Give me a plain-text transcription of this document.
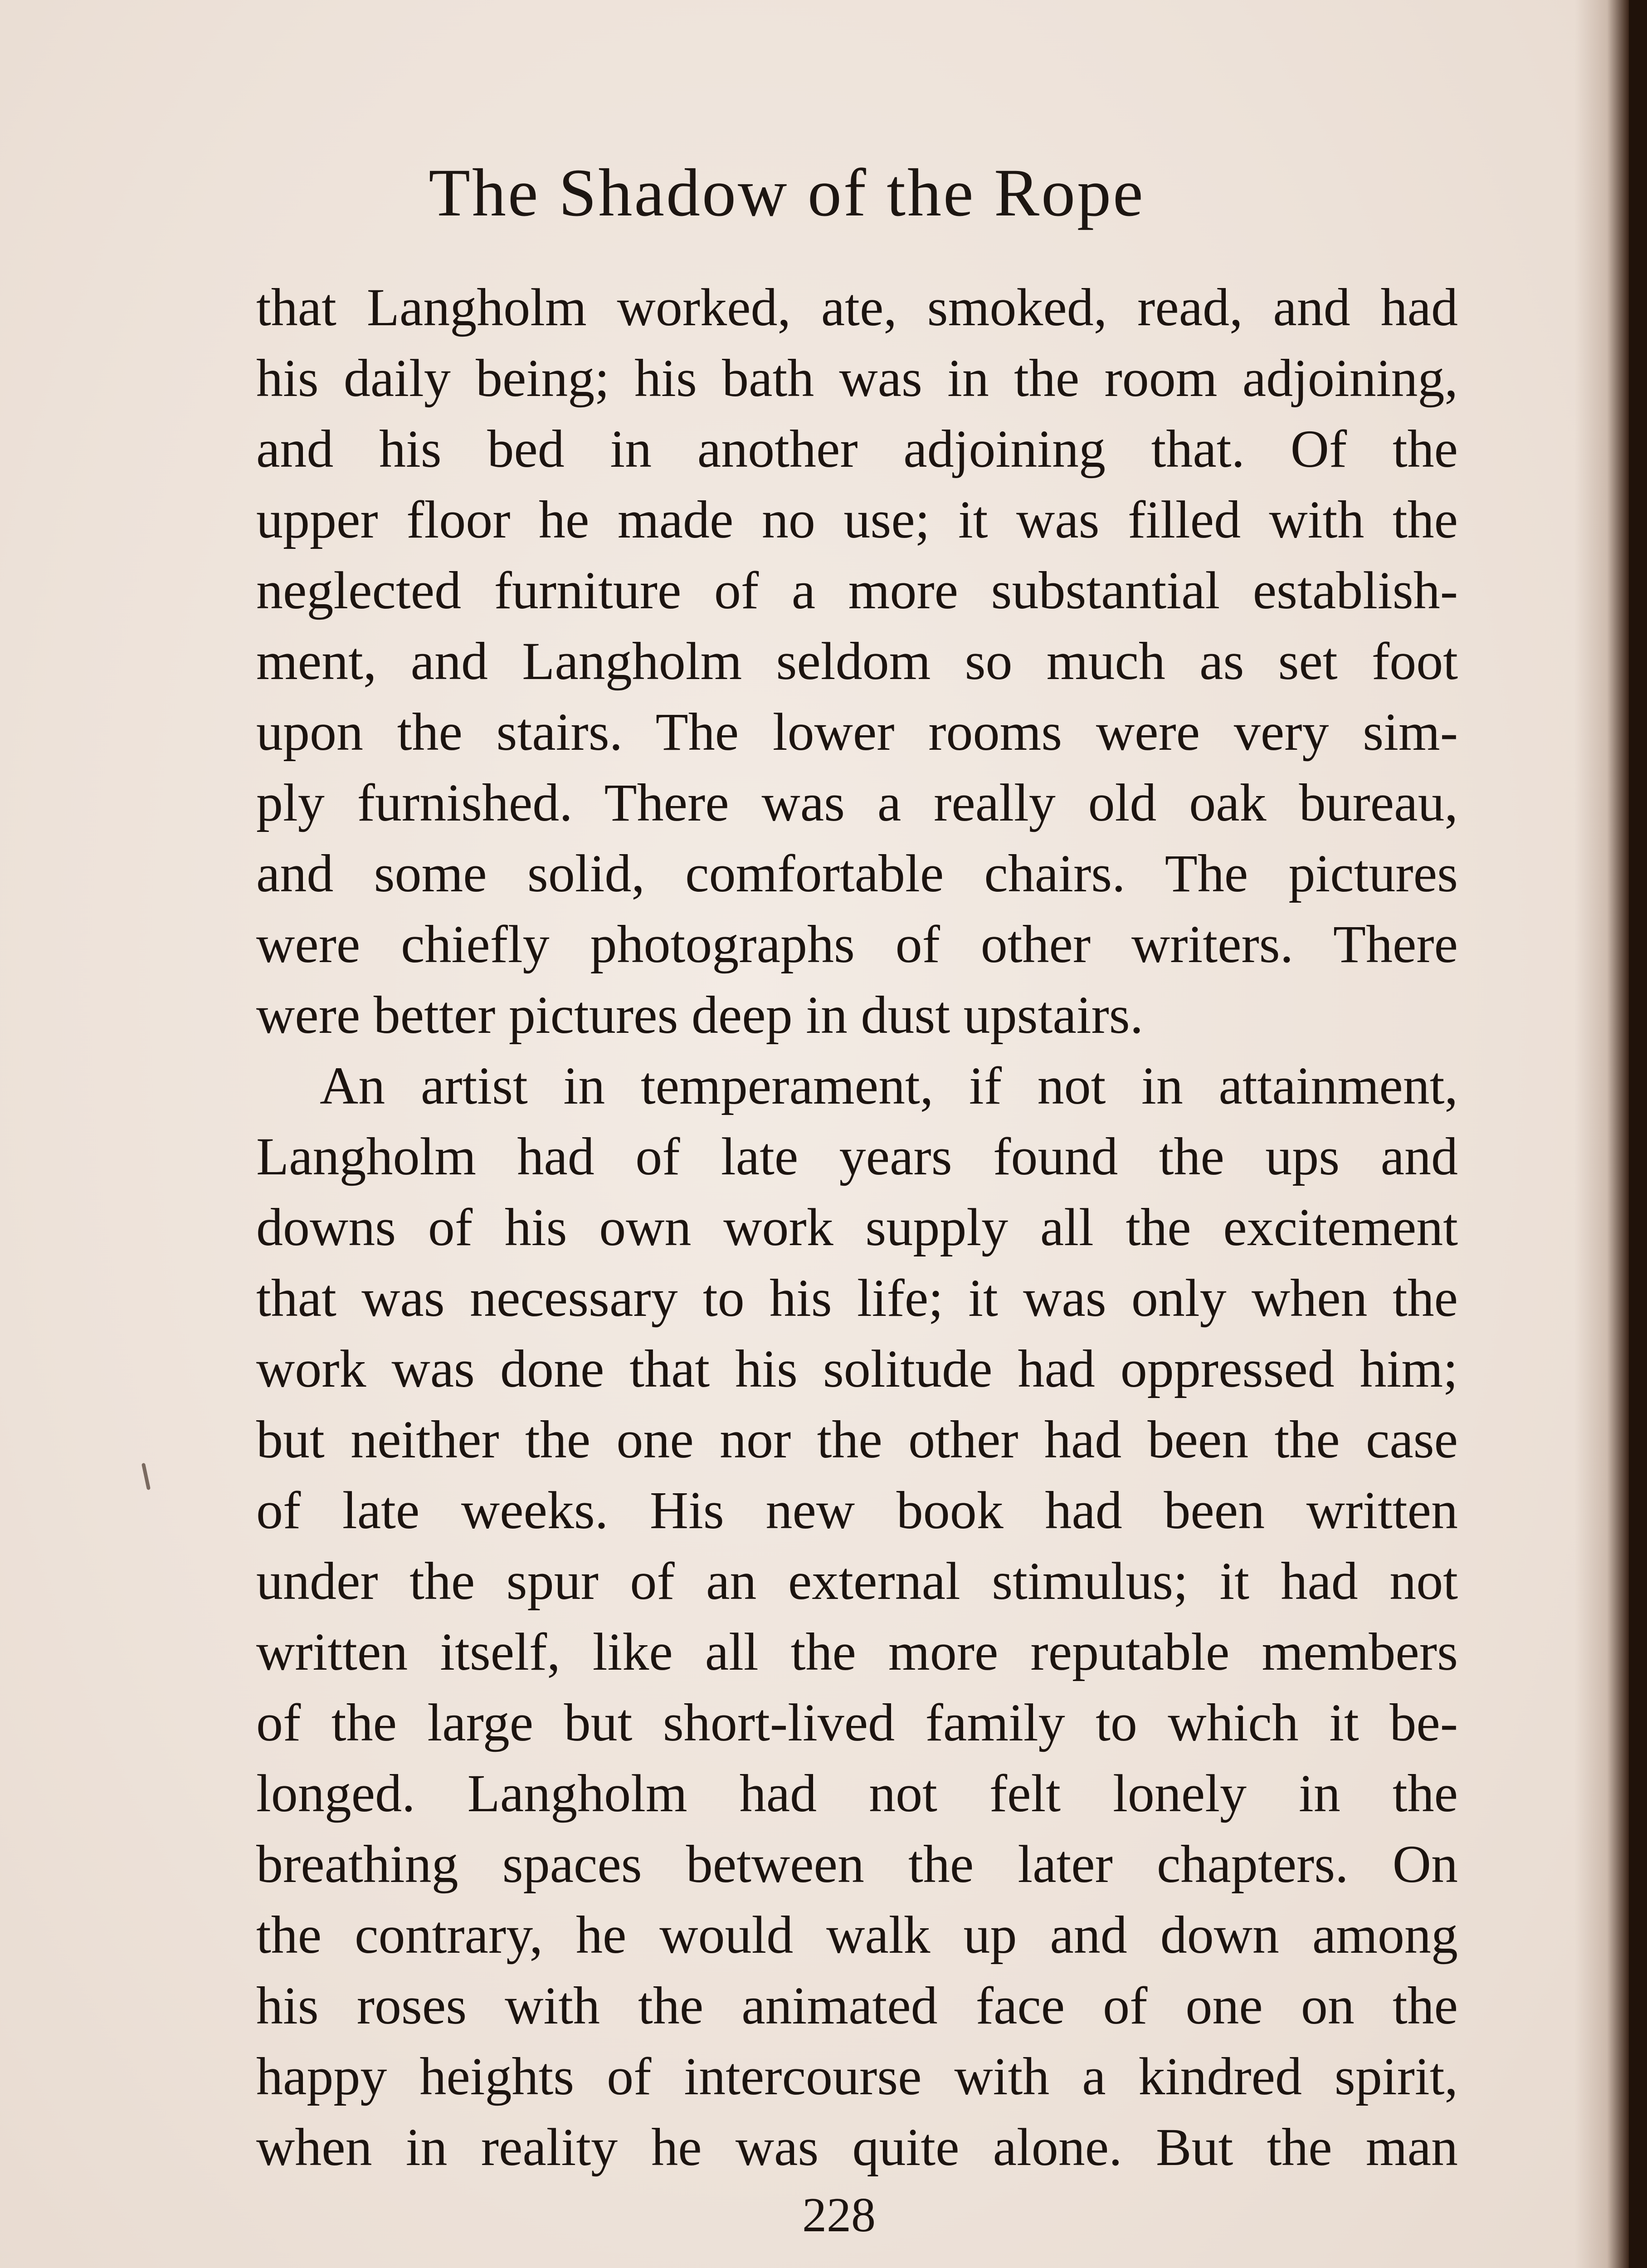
The Shadow of the Rope
that Langholm worked, ate, smoked, read, and had
his daily being; his bath was in the room adjoining,
and his bed in another adjoining that. Of the
upper floor he made no use; it was filled with the
neglected furniture of a more substantial establish-
ment, and Langholm seldom so much as set foot
upon the stairs. The lower rooms were very sim-
ply furnished. There was a really old oak bureau,
and some solid, comfortable chairs. The pictures
were chiefly photographs of other writers. There
were better pictures deep in dust upstairs.
An artist in temperament, if not in attainment,
Langholm had of late years found the ups and
downs of his own work supply all the excitement
that was necessary to his life; it was only when the
work was done that his solitude had oppressed him;
but neither the one nor the other had been the case
of late weeks. His new book had been written
under the spur of an external stimulus; it had not
written itself, like all the more reputable members
of the large but short-lived family to which it be-
longed. Langholm had not felt lonely in the
breathing spaces between the later chapters. On
the contrary, he would walk up and down among
his roses with the animated face of one on the
happy heights of intercourse with a kindred spirit,
when in reality he was quite alone. But the man
228
